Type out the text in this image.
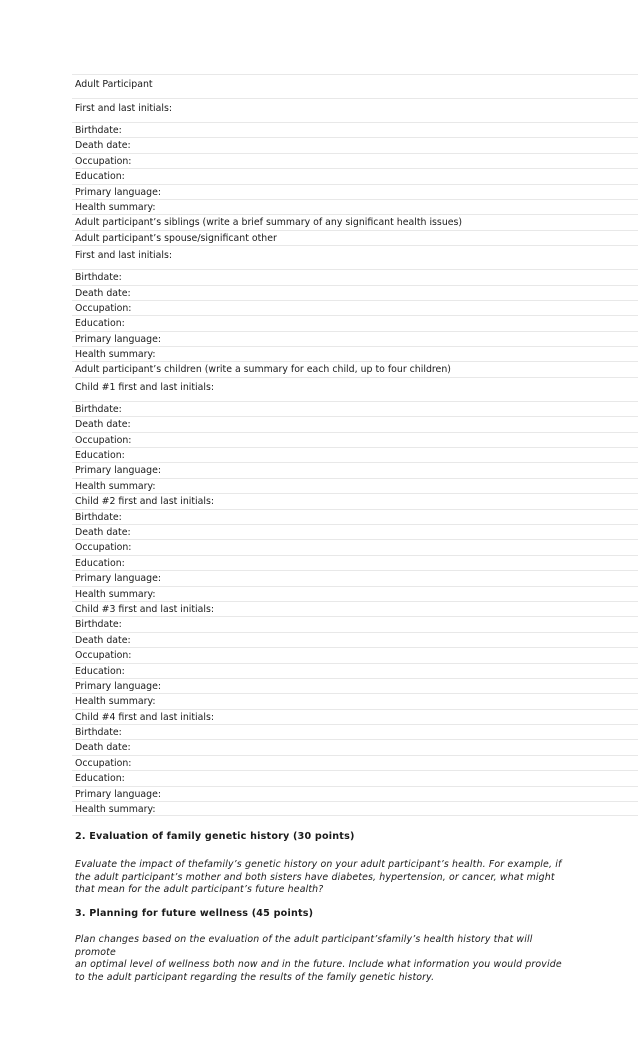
Adult Participant
First and last initials:
Birthdate:
Death date:
Occupation:
Education:
Primary language:
Health summary:
Adult participant’s siblings (write a brief summary of any significant health issues)
Adult participant’s spouse/significant other
First and last initials:
Birthdate:
Death date:
Occupation:
Education:
Primary language:
Health summary:
Adult participant’s children (write a summary for each child, up to four children)
Child #1 first and last initials:
Birthdate:
Death date:
Occupation:
Education:
Primary language:
Health summary:
Child #2 first and last initials:
Birthdate:
Death date:
Occupation:
Education:
Primary language:
Health summary:
Child #3 first and last initials:
Birthdate:
Death date:
Occupation:
Education:
Primary language:
Health summary:
Child #4 first and last initials:
Birthdate:
Death date:
Occupation:
Education:
Primary language:
Health summary:
2. Evaluation of family genetic history (30 points)
Evaluate the impact of thefamily’s genetic history on your adult participant’s health. For example, if
the adult participant’s mother and both sisters have diabetes, hypertension, or cancer, what might
that mean for the adult participant’s future health?
3. Planning for future wellness (45 points)
Plan changes based on the evaluation of the adult participant’sfamily’s health history that will promote
an optimal level of wellness both now and in the future. Include what information you would provide
to the adult participant regarding the results of the family genetic history.
